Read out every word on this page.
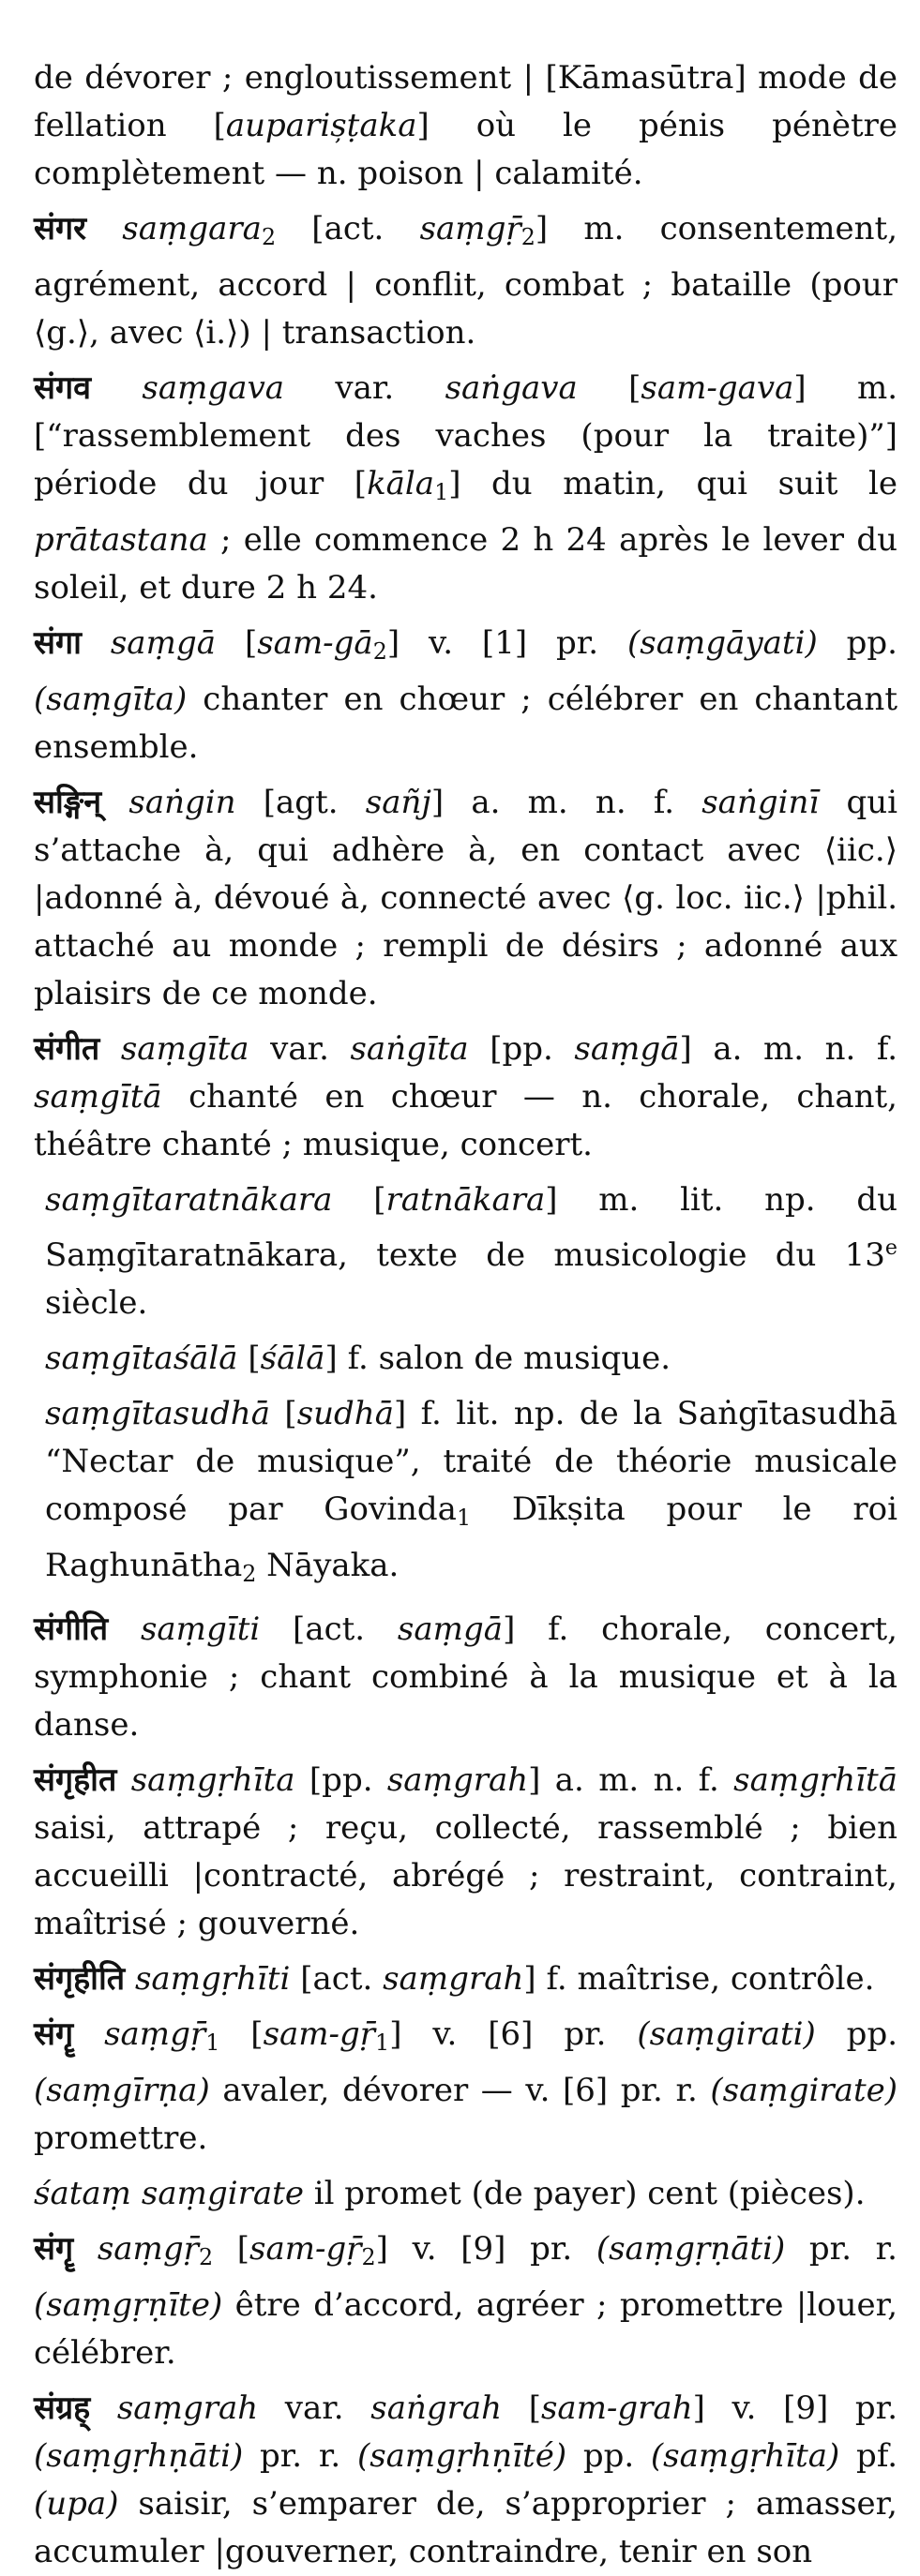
de dévorer ; engloutissement | [Kāmasūtra] mode de fellation [auparișṭaka] où le pénis pénètre complètement — n. poison | calamité.

संगर saṃgara$_2$ [act. saṃgṝ$_2$] m. consentement, agrément, accord | conflit, combat ; bataille (pour ⟨g.⟩, avec ⟨i.⟩) | transaction.

संगव saṃgava var. saṅgava [sam-gava] m. [“rassemblement des vaches (pour la traite)”] période du jour [kāla$_1$] du matin, qui suit le prātastana ; elle commence 2 h 24 après le lever du soleil, et dure 2 h 24.

संगा saṃgā $[sam-gā_2]$ v. [1] pr. (saṃgāyati) pp. (saṃgīta) chanter en chœur ; célébrer en chantant ensemble.

सङ्गिन् saṅgin [agt. sañj] a. m. n. f. saṅginī qui s’attache à, qui adhère à, en contact avec ⟨iic.⟩ |adonné à, dévoué à, connecté avec ⟨g. loc. iic.⟩ |phil. attaché au monde ; rempli de désirs ; adonné aux plaisirs de ce monde.

संगीत saṃgīta var. saṅgīta [pp. saṃgā] a. m. n. f. saṃgītā chanté en chœur — n. chorale, chant, théâtre chanté ; musique, concert.

saṃgītaratnākara [ratnākara] m. lit. np. du Saṃgītaratnākara, texte de musicologie du 13e siècle.

saṃgītaśālā [śālā] f. salon de musique.

saṃgītasudhā [sudhā] f. lit. np. de la Saṅgītasudhā “Nectar de musique”, traité de théorie musicale composé par Govinda$_1$ Dīkṣita pour le roi Raghunātha$_2$ Nāyaka.

संगीति saṃgīti [act. saṃgā] f. chorale, concert, symphonie ; chant combiné à la musique et à la danse.

संगृहीत saṃgṛhīta [pp. saṃgrah] a. m. n. f. saṃgṛhītā saisi, attrapé ; reçu, collecté, rassemblé ; bien accueilli |contracté, abrégé ; restraint, contraint, maîtrisé ; gouverné.

संगृहीति saṃgṛhīti [act. saṃgrah] f. maîtrise, contrôle.

संगॄ saṃgṝ$_1$ [sam-gṝ$_1$] v. [6] pr. (saṃgirati) pp. (saṃgīrṇa) avaler, dévorer — v. [6] pr. r. (saṃgirate) promettre.

śataṃ saṃgirate il promet (de payer) cent (pièces).

संगॄ saṃgṝ$_2$ [sam-gṝ$_2$] v. [9] pr. (saṃgṛṇāti) pr. r. (saṃgṛṇīte) être d’accord, agréer ; promettre |louer, célébrer.

संग्रह् saṃgrah var. saṅgrah [sam-grah] v. [9] pr. (saṃgṛhṇāti) pr. r. (saṃgṛhṇīté) pp. (saṃgṛhīta) pf. (upa) saisir, s’emparer de, s’approprier ; amasser, accumuler |gouverner, contraindre, tenir en son
